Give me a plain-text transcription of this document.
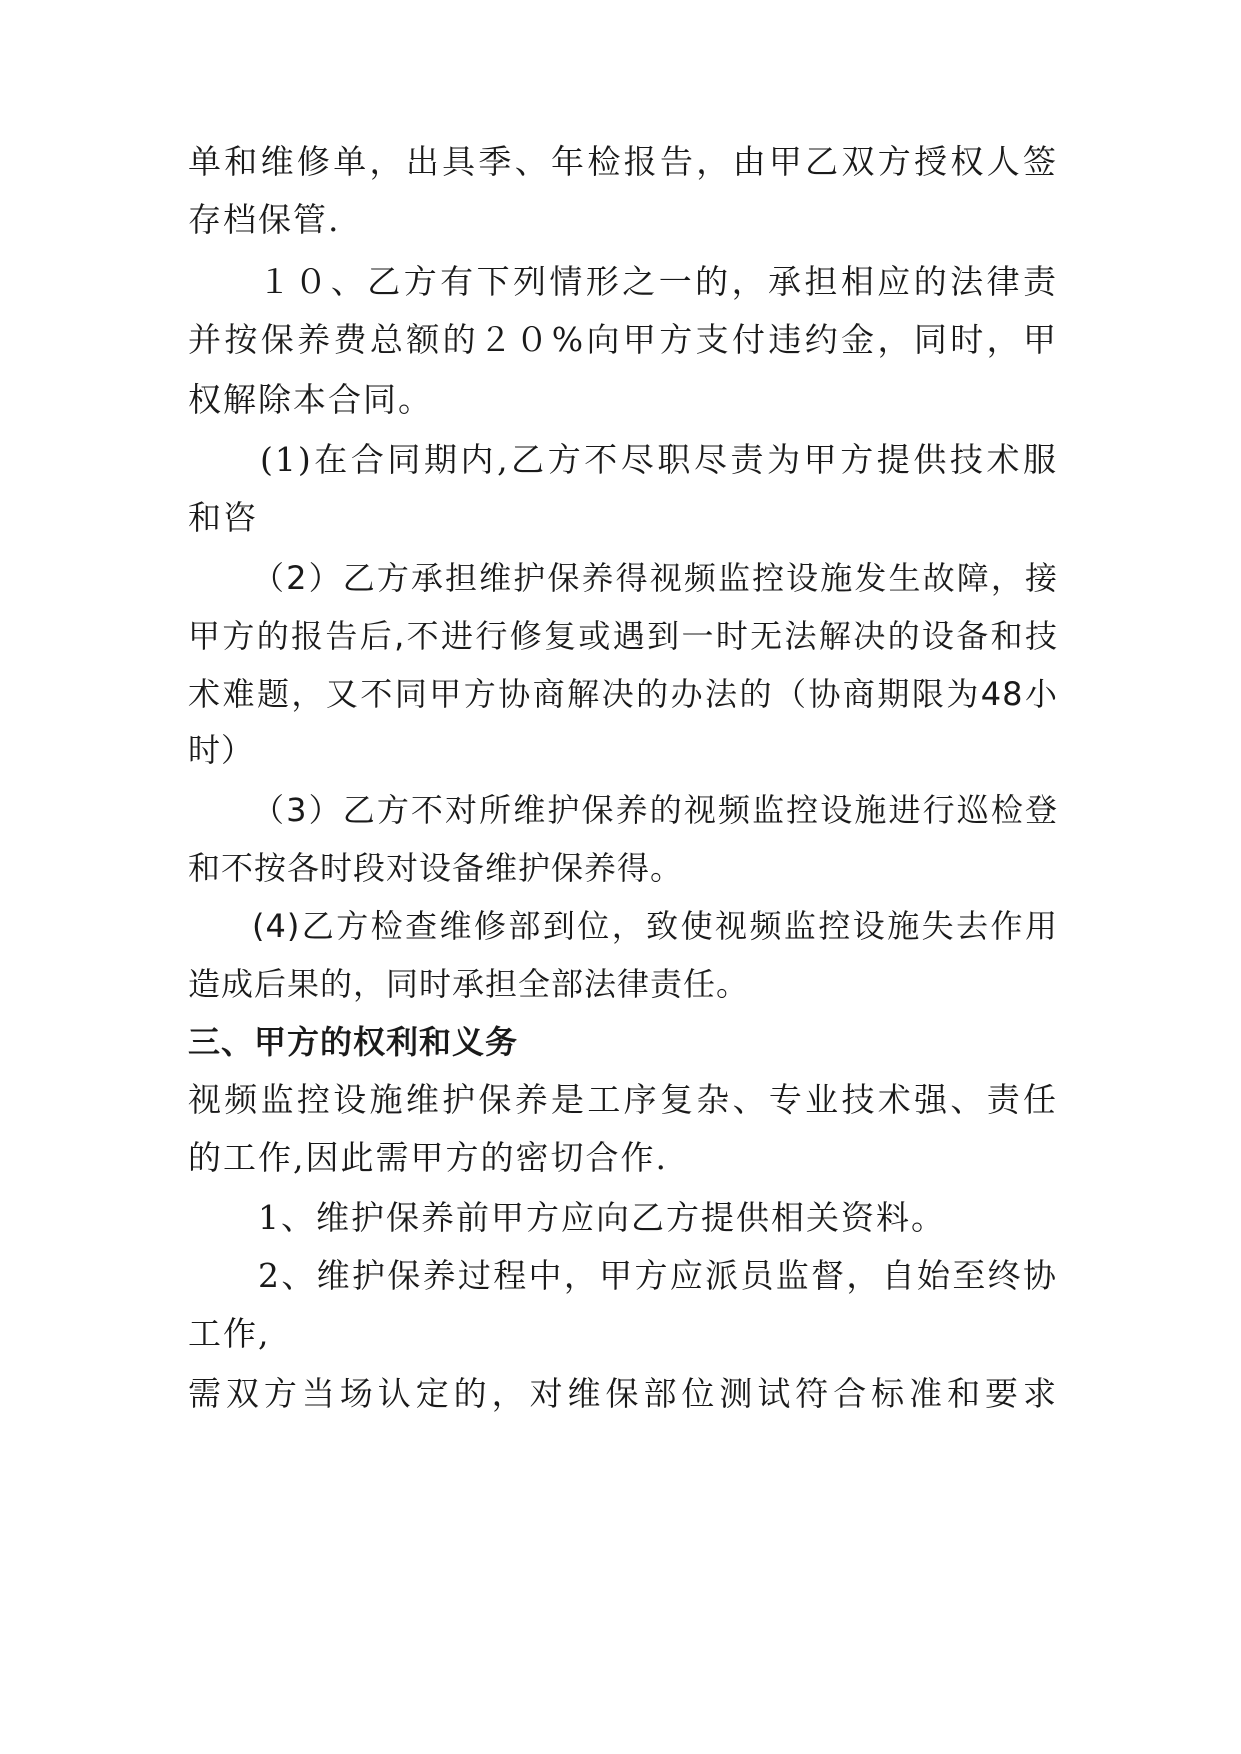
单和维修单，出具季、年检报告，由甲乙双方授权人签
存档保管.
１０、乙方有下列情形之一的，承担相应的法律责
并按保养费总额的２０%向甲方支付违约金，同时，甲
权解除本合同。
(1)在合同期内,乙方不尽职尽责为甲方提供技术服
和咨
（2）乙方承担维护保养得视频监控设施发生故障，接
甲方的报告后,不进行修复或遇到一时无法解决的设备和技
术难题，又不同甲方协商解决的办法的（协商期限为48小
时）
（3）乙方不对所维护保养的视频监控设施进行巡检登
和不按各时段对设备维护保养得。
(4)乙方检查维修部到位，致使视频监控设施失去作用
造成后果的，同时承担全部法律责任。
三、甲方的权利和义务
视频监控设施维护保养是工序复杂、专业技术强、责任
的工作,因此需甲方的密切合作.
1、维护保养前甲方应向乙方提供相关资料。
2、维护保养过程中，甲方应派员监督，自始至终协
工作,
需双方当场认定的，对维保部位测试符合标准和要求
